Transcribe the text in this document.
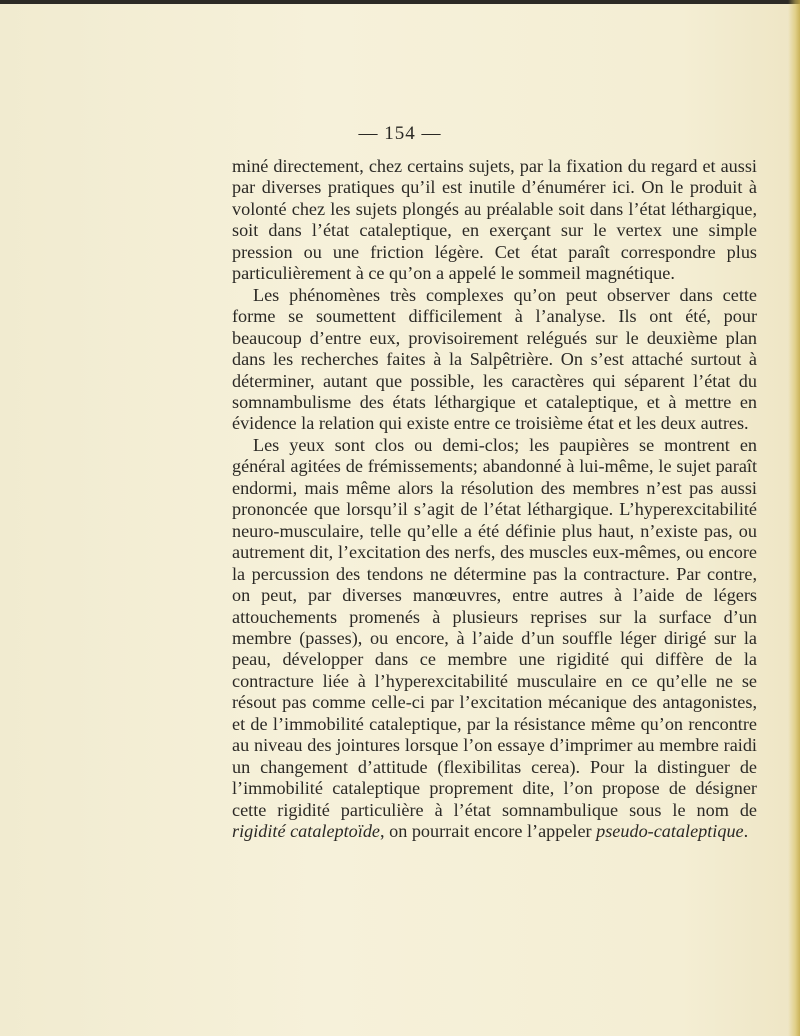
— 154 —

miné directement, chez certains sujets, par la fixation du regard et aussi par diverses pratiques qu’il est inutile d’énumérer ici. On le produit à volonté chez les sujets plongés au préalable soit dans l’état léthargique, soit dans l’état cataleptique, en exerçant sur le vertex une simple pression ou une friction légère. Cet état paraît correspondre plus particulièrement à ce qu’on a appelé le sommeil magnétique.

Les phénomènes très complexes qu’on peut observer dans cette forme se soumettent difficilement à l’analyse. Ils ont été, pour beaucoup d’entre eux, provisoirement relégués sur le deuxième plan dans les recherches faites à la Salpêtrière. On s’est attaché surtout à déterminer, autant que possible, les caractères qui séparent l’état du somnambulisme des états léthargique et cataleptique, et à mettre en évidence la relation qui existe entre ce troisième état et les deux autres.

Les yeux sont clos ou demi-clos; les paupières se montrent en général agitées de frémissements; abandonné à lui-même, le sujet paraît endormi, mais même alors la résolution des membres n’est pas aussi prononcée que lorsqu’il s’agit de l’état léthargique. L’hyperexcitabilité neuro-musculaire, telle qu’elle a été définie plus haut, n’existe pas, ou autrement dit, l’excitation des nerfs, des muscles eux-mêmes, ou encore la percussion des tendons ne détermine pas la contracture. Par contre, on peut, par diverses manœuvres, entre autres à l’aide de légers attouchements promenés à plusieurs reprises sur la surface d’un membre (passes), ou encore, à l’aide d’un souffle léger dirigé sur la peau, développer dans ce membre une rigidité qui diffère de la contracture liée à l’hyperexcitabilité musculaire en ce qu’elle ne se résout pas comme celle-ci par l’excitation mécanique des antagonistes, et de l’immobilité cataleptique, par la résistance même qu’on rencontre au niveau des jointures lorsque l’on essaye d’imprimer au membre raidi un changement d’attitude (flexibilitas cerea). Pour la distinguer de l’immobilité cataleptique proprement dite, l’on propose de désigner cette rigidité particulière à l’état somnambulique sous le nom de rigidité cataleptoïde, on pourrait encore l’appeler pseudo-cataleptique.
